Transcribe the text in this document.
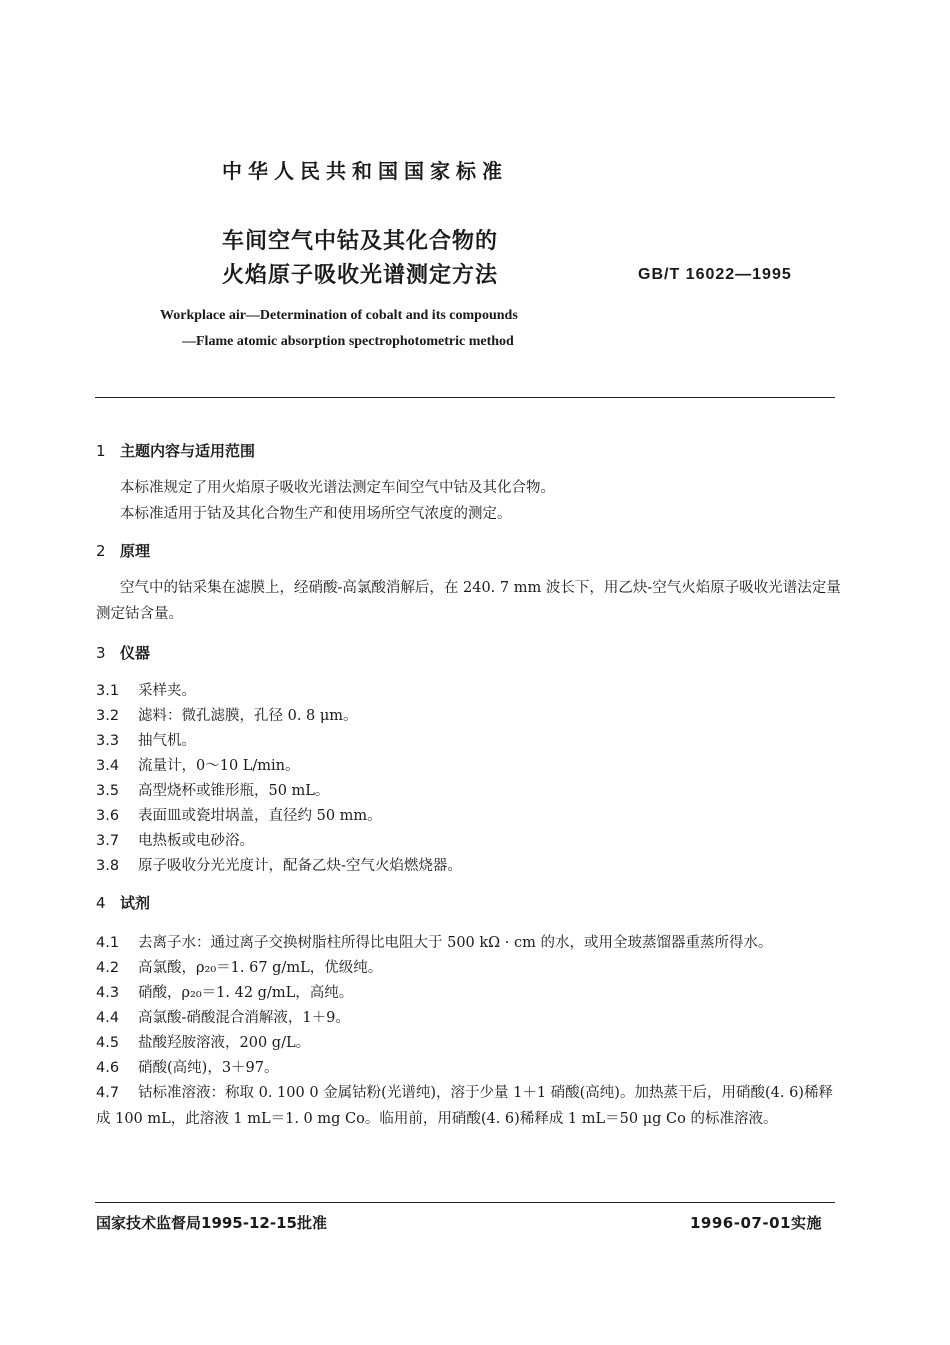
中华人民共和国国家标准
车间空气中钴及其化合物的
火焰原子吸收光谱测定方法	GB/T 16022—1995
Workplace air—Determination of cobalt and its compounds
—Flame atomic absorption spectrophotometric method
1 主题内容与适用范围
本标准规定了用火焰原子吸收光谱法测定车间空气中钴及其化合物。
本标准适用于钴及其化合物生产和使用场所空气浓度的测定。
2 原理
空气中的钴采集在滤膜上，经硝酸-高氯酸消解后，在 240. 7 mm 波长下，用乙炔-空气火焰原子吸收光谱法定量测定钴含量。
3 仪器
3.1 采样夹。
3.2 滤料：微孔滤膜，孔径 0. 8 μm。
3.3 抽气机。
3.4 流量计，0～10 L/min。
3.5 高型烧杯或锥形瓶，50 mL。
3.6 表面皿或瓷坩埚盖，直径约 50 mm。
3.7 电热板或电砂浴。
3.8 原子吸收分光光度计，配备乙炔-空气火焰燃烧器。
4 试剂
4.1 去离子水：通过离子交换树脂柱所得比电阻大于 500 kΩ · cm 的水，或用全玻蒸馏器重蒸所得水。
4.2 高氯酸，ρ₂₀＝1. 67 g/mL，优级纯。
4.3 硝酸，ρ₂₀＝1. 42 g/mL，高纯。
4.4 高氯酸-硝酸混合消解液，1＋9。
4.5 盐酸羟胺溶液，200 g/L。
4.6 硝酸(高纯)，3＋97。
4.7 钴标准溶液：称取 0. 100 0 金属钴粉(光谱纯)，溶于少量 1＋1 硝酸(高纯)。加热蒸干后，用硝酸(4. 6)稀释成 100 mL，此溶液 1 mL＝1. 0 mg Co。临用前，用硝酸(4. 6)稀释成 1 mL＝50 μg Co 的标准溶液。
国家技术监督局1995-12-15批准	1996-07-01实施
